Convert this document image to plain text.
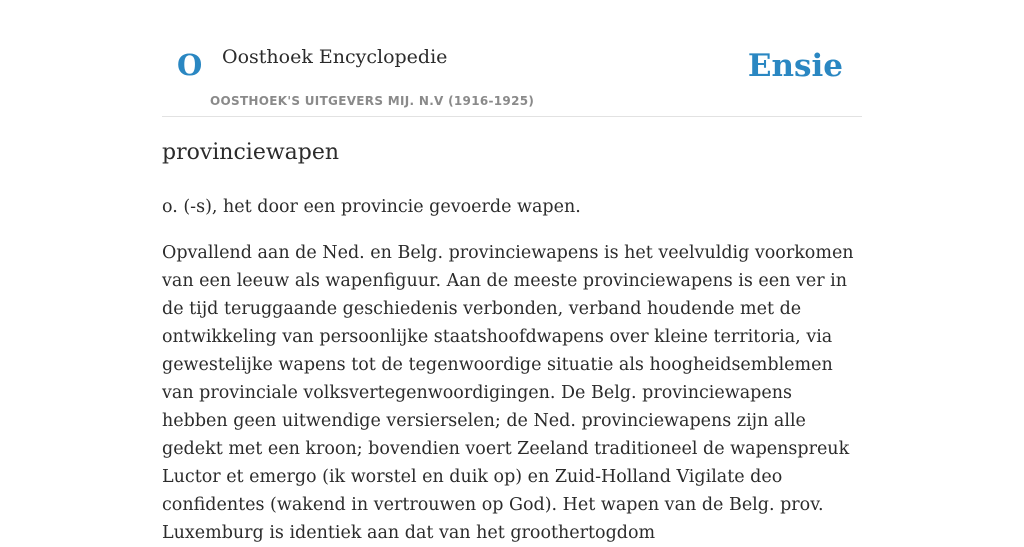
O Oosthoek Encyclopedie
OOSTHOEK'S UITGEVERS MIJ. N.V (1916-1925)
Ensie
provinciewapen

o. (-s), het door een provincie gevoerde wapen.

Opvallend aan de Ned. en Belg. provinciewapens is het veelvuldig voorkomen van een leeuw als wapenfiguur. Aan de meeste provinciewapens is een ver in de tijd teruggaande geschiedenis verbonden, verband houdende met de ontwikkeling van persoonlijke staatshoofdwapens over kleine territoria, via gewestelijke wapens tot de tegenwoordige situatie als hoogheidsemblemen van provinciale volksvertegenwoordigingen. De Belg. provinciewapens hebben geen uitwendige versierselen; de Ned. provinciewapens zijn alle gedekt met een kroon; bovendien voert Zeeland traditioneel de wapenspreuk Luctor et emergo (ik worstel en duik op) en Zuid-Holland Vigilate deo confidentes (wakend in vertrouwen op God). Het wapen van de Belg. prov. Luxemburg is identiek aan dat van het groothertogdom
